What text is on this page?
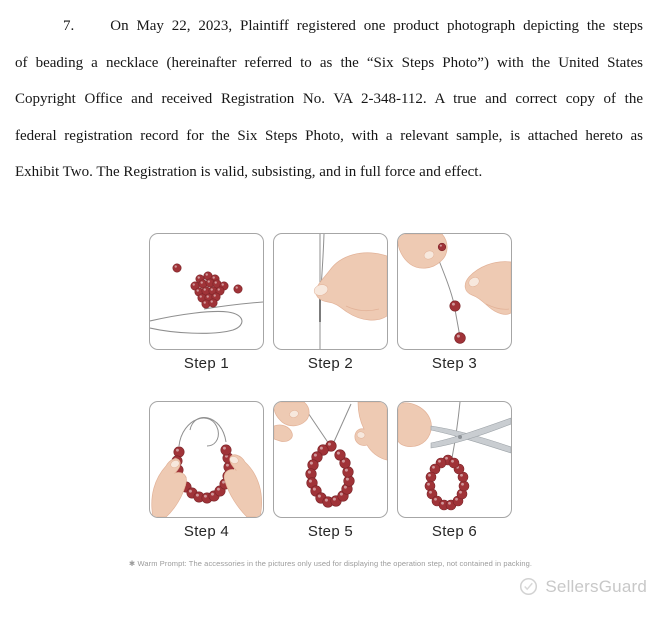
7. On May 22, 2023, Plaintiff registered one product photograph depicting the steps
of beading a necklace (hereinafter referred to as the “Six Steps Photo”) with the United States
Copyright Office and received Registration No. VA 2-348-112. A true and correct copy of the
federal registration record for the Six Steps Photo, with a relevant sample, is attached hereto as
Exhibit Two. The Registration is valid, subsisting, and in full force and effect.
Step 1	Step 2	Step 3
Step 4	Step 5	Step 6
✱ Warm Prompt: The accessories in the pictures only used for displaying the operation step, not contained in packing.
SellersGuard
